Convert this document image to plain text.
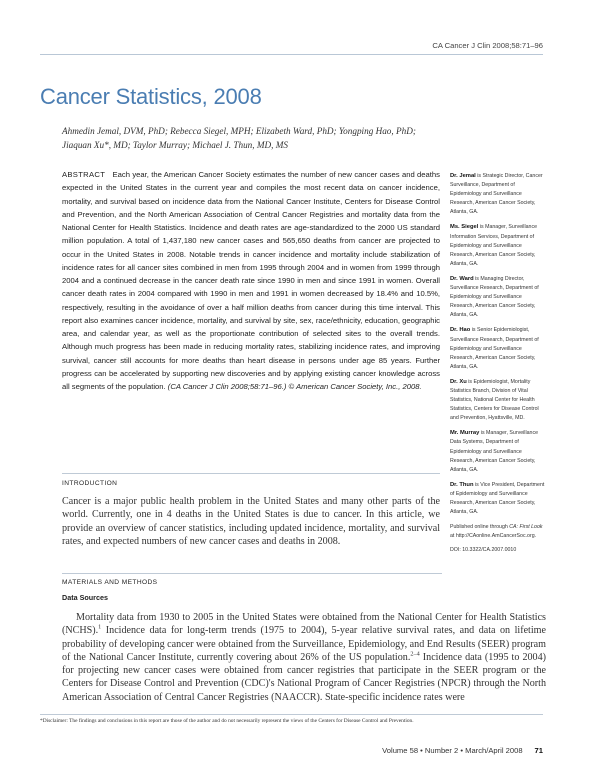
CA Cancer J Clin 2008;58:71–96
Cancer Statistics, 2008
Ahmedin Jemal, DVM, PhD; Rebecca Siegel, MPH; Elizabeth Ward, PhD; Yongping Hao, PhD; Jiaquan Xu*, MD; Taylor Murray; Michael J. Thun, MD, MS
ABSTRACT Each year, the American Cancer Society estimates the number of new cancer cases and deaths expected in the United States in the current year and compiles the most recent data on cancer incidence, mortality, and survival based on incidence data from the National Cancer Institute, Centers for Disease Control and Prevention, and the North American Association of Central Cancer Registries and mortality data from the National Center for Health Statistics. Incidence and death rates are age-standardized to the 2000 US standard million population. A total of 1,437,180 new cancer cases and 565,650 deaths from cancer are projected to occur in the United States in 2008. Notable trends in cancer incidence and mortality include stabilization of incidence rates for all cancer sites combined in men from 1995 through 2004 and in women from 1999 through 2004 and a continued decrease in the cancer death rate since 1990 in men and since 1991 in women. Overall cancer death rates in 2004 compared with 1990 in men and 1991 in women decreased by 18.4% and 10.5%, respectively, resulting in the avoidance of over a half million deaths from cancer during this time interval. This report also examines cancer incidence, mortality, and survival by site, sex, race/ethnicity, education, geographic area, and calendar year, as well as the proportionate contribution of selected sites to the overall trends. Although much progress has been made in reducing mortality rates, stabilizing incidence rates, and improving survival, cancer still accounts for more deaths than heart disease in persons under age 85 years. Further progress can be accelerated by supporting new discoveries and by applying existing cancer knowledge across all segments of the population. (CA Cancer J Clin 2008;58:71–96.) © American Cancer Society, Inc., 2008.
Dr. Jemal is Strategic Director, Cancer Surveillance, Department of Epidemiology and Surveillance Research, American Cancer Society, Atlanta, GA.
Ms. Siegel is Manager, Surveillance Information Services, Department of Epidemiology and Surveillance Research, American Cancer Society, Atlanta, GA.
Dr. Ward is Managing Director, Surveillance Research, Department of Epidemiology and Surveillance Research, American Cancer Society, Atlanta, GA.
Dr. Hao is Senior Epidemiologist, Surveillance Research, Department of Epidemiology and Surveillance Research, American Cancer Society, Atlanta, GA.
Dr. Xu is Epidemiologist, Mortality Statistics Branch, Division of Vital Statistics, National Center for Health Statistics, Centers for Disease Control and Prevention, Hyattsville, MD.
Mr. Murray is Manager, Surveillance Data Systems, Department of Epidemiology and Surveillance Research, American Cancer Society, Atlanta, GA.
Dr. Thun is Vice President, Department of Epidemiology and Surveillance Research, American Cancer Society, Atlanta, GA.
Published online through CA: First Look at http://CAonline.AmCancerSoc.org.
DOI: 10.3322/CA.2007.0010
INTRODUCTION
Cancer is a major public health problem in the United States and many other parts of the world. Currently, one in 4 deaths in the United States is due to cancer. In this article, we provide an overview of cancer statistics, including updated incidence, mortality, and survival rates, and expected numbers of new cancer cases and deaths in 2008.
MATERIALS AND METHODS
Data Sources
Mortality data from 1930 to 2005 in the United States were obtained from the National Center for Health Statistics (NCHS).$^1$ Incidence data for long-term trends (1975 to 2004), 5-year relative survival rates, and data on lifetime probability of developing cancer were obtained from the Surveillance, Epidemiology, and End Results (SEER) program of the National Cancer Institute, currently covering about 26% of the US population.$^{2-4}$ Incidence data (1995 to 2004) for projecting new cancer cases were obtained from cancer registries that participate in the SEER program or the Centers for Disease Control and Prevention (CDC)'s National Program of Cancer Registries (NPCR) through the North American Association of Central Cancer Registries (NAACCR). State-specific incidence rates were
*Disclaimer: The findings and conclusions in this report are those of the author and do not necessarily represent the views of the Centers for Disease Control and Prevention.
Volume 58 • Number 2 • March/April 2008 71
